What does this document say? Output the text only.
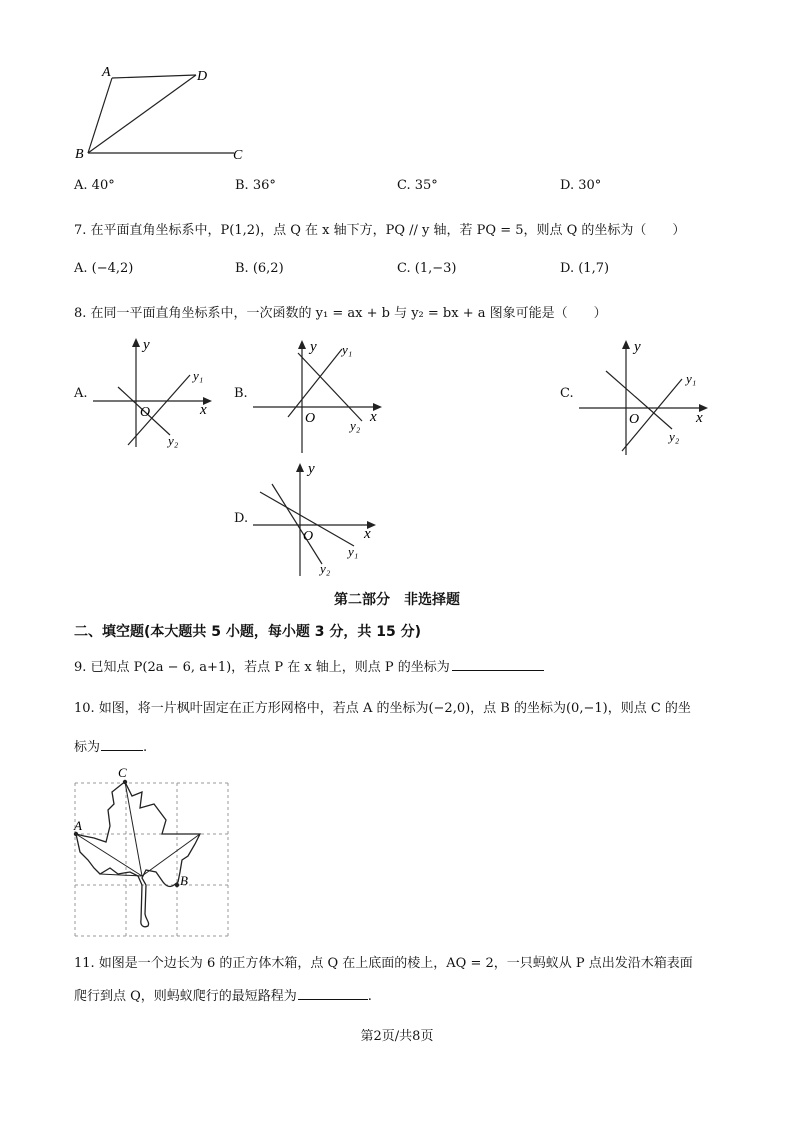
A	D
B	C
A. 40°	B. 36°	C. 35°	D. 30°
7. 在平面直角坐标系中，P(1,2)，点 Q 在 x 轴下方，PQ // y 轴，若 PQ = 5，则点 Q 的坐标为（　　）
A. (−4,2)	B. (6,2)	C. (1,−3)	D. (1,7)
8. 在同一平面直角坐标系中，一次函数的 y₁ = ax + b 与 y₂ = bx + a 图象可能是（　　）
A.
y
x
O
y₁
y₂
B.
y
x
O
y₁
y₂
C.
y
x
O
y₁
y₂
D.
y
x
O
y₁
y₂
第二部分　非选择题
二、填空题(本大题共 5 小题，每小题 3 分，共 15 分)
9. 已知点 P(2a − 6, a+1)，若点 P 在 x 轴上，则点 P 的坐标为
10. 如图，将一片枫叶固定在正方形网格中，若点 A 的坐标为(−2,0)，点 B 的坐标为(0,−1)，则点 C 的坐
标为	.
C
A
B
11. 如图是一个边长为 6 的正方体木箱，点 Q 在上底面的棱上，AQ = 2，一只蚂蚁从 P 点出发沿木箱表面
爬行到点 Q，则蚂蚁爬行的最短路程为	.
第2页/共8页
